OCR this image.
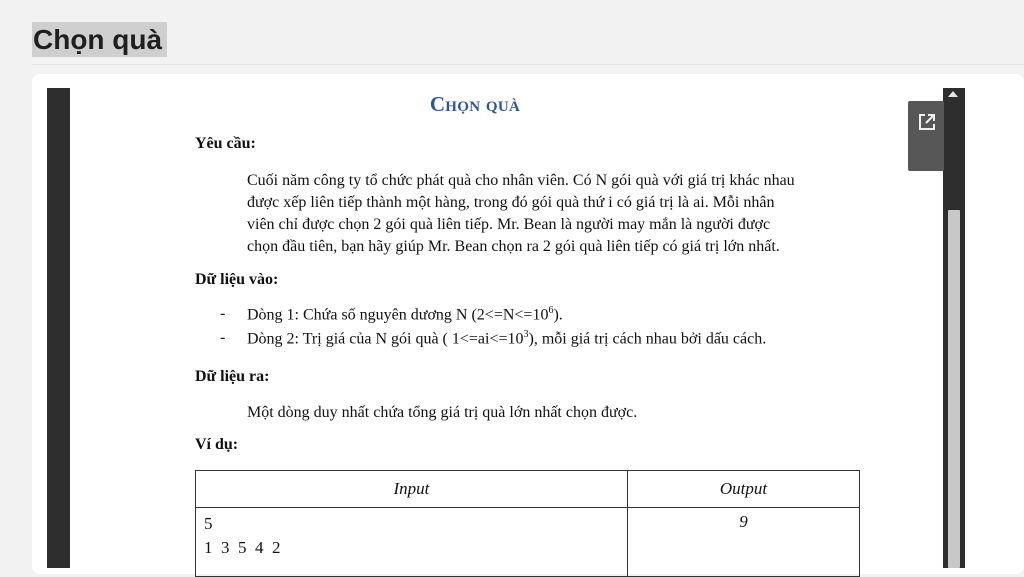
Chọn quà
Chọn quà
Yêu cầu:
Cuối năm công ty tổ chức phát quà cho nhân viên. Có N gói quà với giá trị khác nhau
được xếp liên tiếp thành một hàng, trong đó gói quà thứ i có giá trị là ai. Mỗi nhân
viên chỉ được chọn 2 gói quà liên tiếp. Mr. Bean là người may mắn là người được
chọn đầu tiên, bạn hãy giúp Mr. Bean chọn ra 2 gói quà liên tiếp có giá trị lớn nhất.
Dữ liệu vào:
- Dòng 1: Chứa số nguyên dương N $(2<=N<=10^6)$.
- Dòng 2: Trị giá của N gói quà ( $1<=ai<=10^3$), mỗi giá trị cách nhau bởi dấu cách.
Dữ liệu ra:
Một dòng duy nhất chứa tổng giá trị quà lớn nhất chọn được.
Ví dụ:
Input	Output

5
1  3  5  4  2	9
